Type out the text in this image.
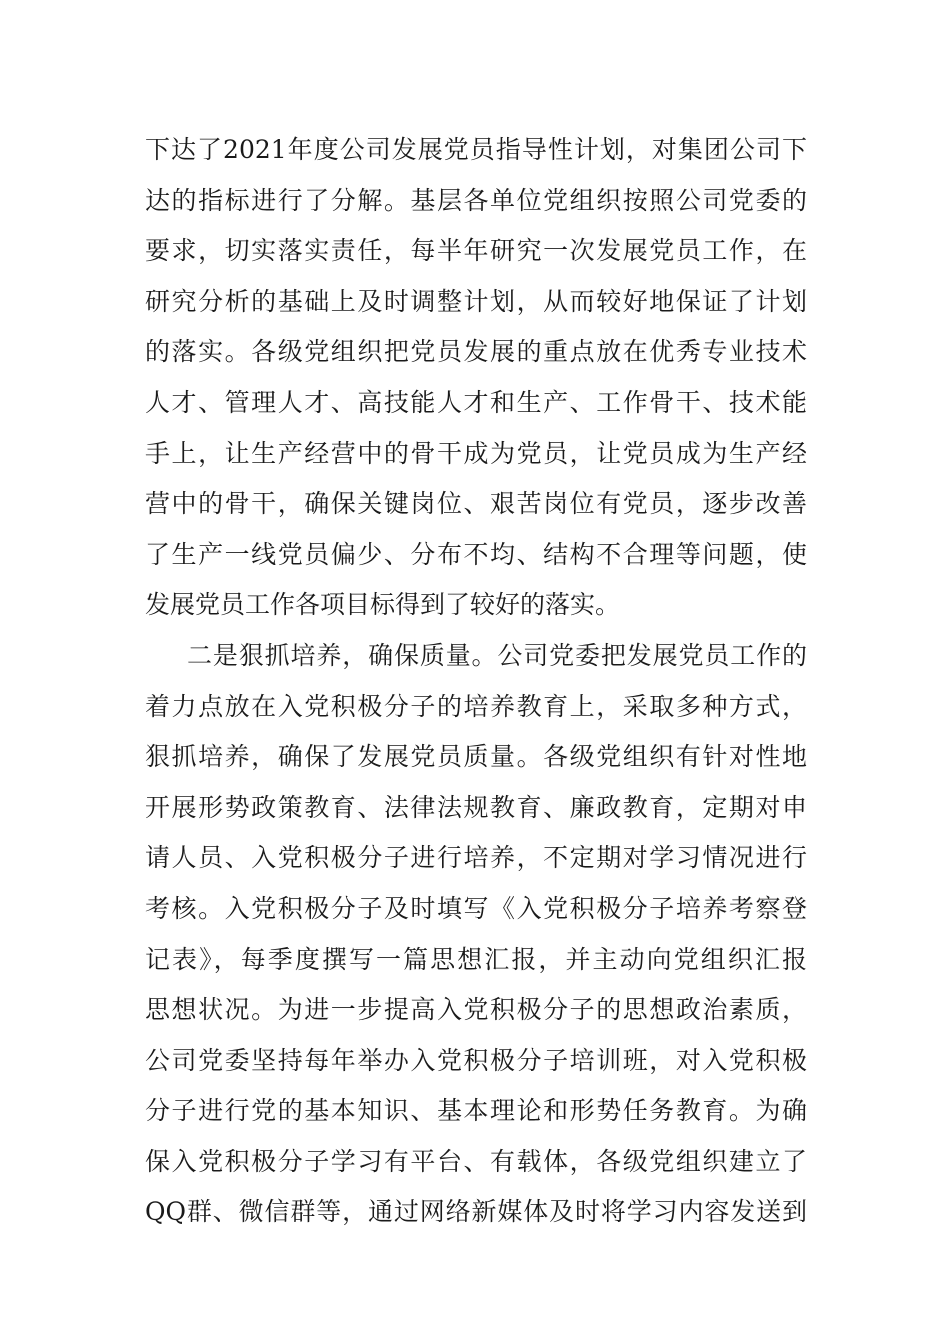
下达了2021年度公司发展党员指导性计划，对集团公司下
达的指标进行了分解。基层各单位党组织按照公司党委的
要求，切实落实责任，每半年研究一次发展党员工作，在
研究分析的基础上及时调整计划，从而较好地保证了计划
的落实。各级党组织把党员发展的重点放在优秀专业技术
人才、管理人才、高技能人才和生产、工作骨干、技术能
手上，让生产经营中的骨干成为党员，让党员成为生产经
营中的骨干，确保关键岗位、艰苦岗位有党员，逐步改善
了生产一线党员偏少、分布不均、结构不合理等问题，使
发展党员工作各项目标得到了较好的落实。
二是狠抓培养，确保质量。公司党委把发展党员工作的
着力点放在入党积极分子的培养教育上，采取多种方式，
狠抓培养，确保了发展党员质量。各级党组织有针对性地
开展形势政策教育、法律法规教育、廉政教育，定期对申
请人员、入党积极分子进行培养，不定期对学习情况进行
考核。入党积极分子及时填写《入党积极分子培养考察登
记表》，每季度撰写一篇思想汇报，并主动向党组织汇报
思想状况。为进一步提高入党积极分子的思想政治素质，
公司党委坚持每年举办入党积极分子培训班，对入党积极
分子进行党的基本知识、基本理论和形势任务教育。为确
保入党积极分子学习有平台、有载体，各级党组织建立了
QQ群、微信群等，通过网络新媒体及时将学习内容发送到
